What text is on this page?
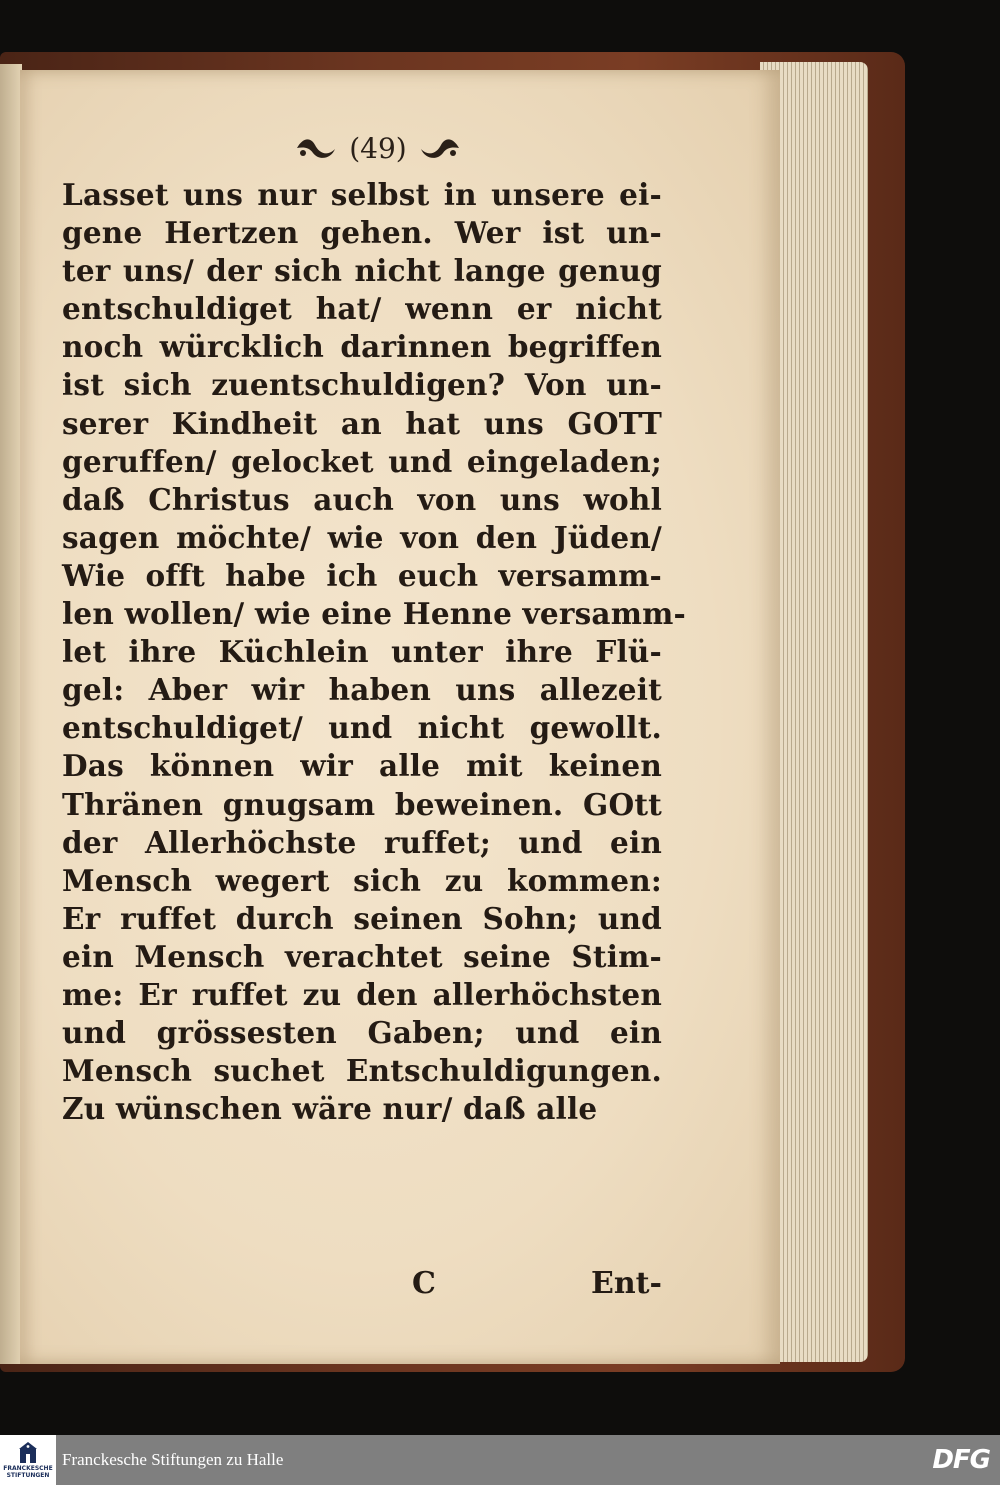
(49)
Lasset uns nur selbst in unsere ei-
gene Hertzen gehen. Wer ist un-
ter uns/ der sich nicht lange genug
entschuldiget hat/ wenn er nicht
noch würcklich darinnen begriffen
ist sich zuentschuldigen? Von un-
serer Kindheit an hat uns GOTT
geruffen/ gelocket und eingeladen;
daß Christus auch von uns wohl
sagen möchte/ wie von den Jüden/
Wie offt habe ich euch versamm-
len wollen/ wie eine Henne versamm-
let ihre Küchlein unter ihre Flü-
gel: Aber wir haben uns allezeit
entschuldiget/ und nicht gewollt.
Das können wir alle mit keinen
Thränen gnugsam beweinen. GOtt
der Allerhöchste ruffet; und ein
Mensch wegert sich zu kommen:
Er ruffet durch seinen Sohn; und
ein Mensch verachtet seine Stim-
me: Er ruffet zu den allerhöchsten
und grössesten Gaben; und ein
Mensch suchet Entschuldigungen.
Zu wünschen wäre nur/ daß alle
C	Ent-
FRANCKESCHE
STIFTUNGEN
Franckesche Stiftungen zu Halle	DFG
